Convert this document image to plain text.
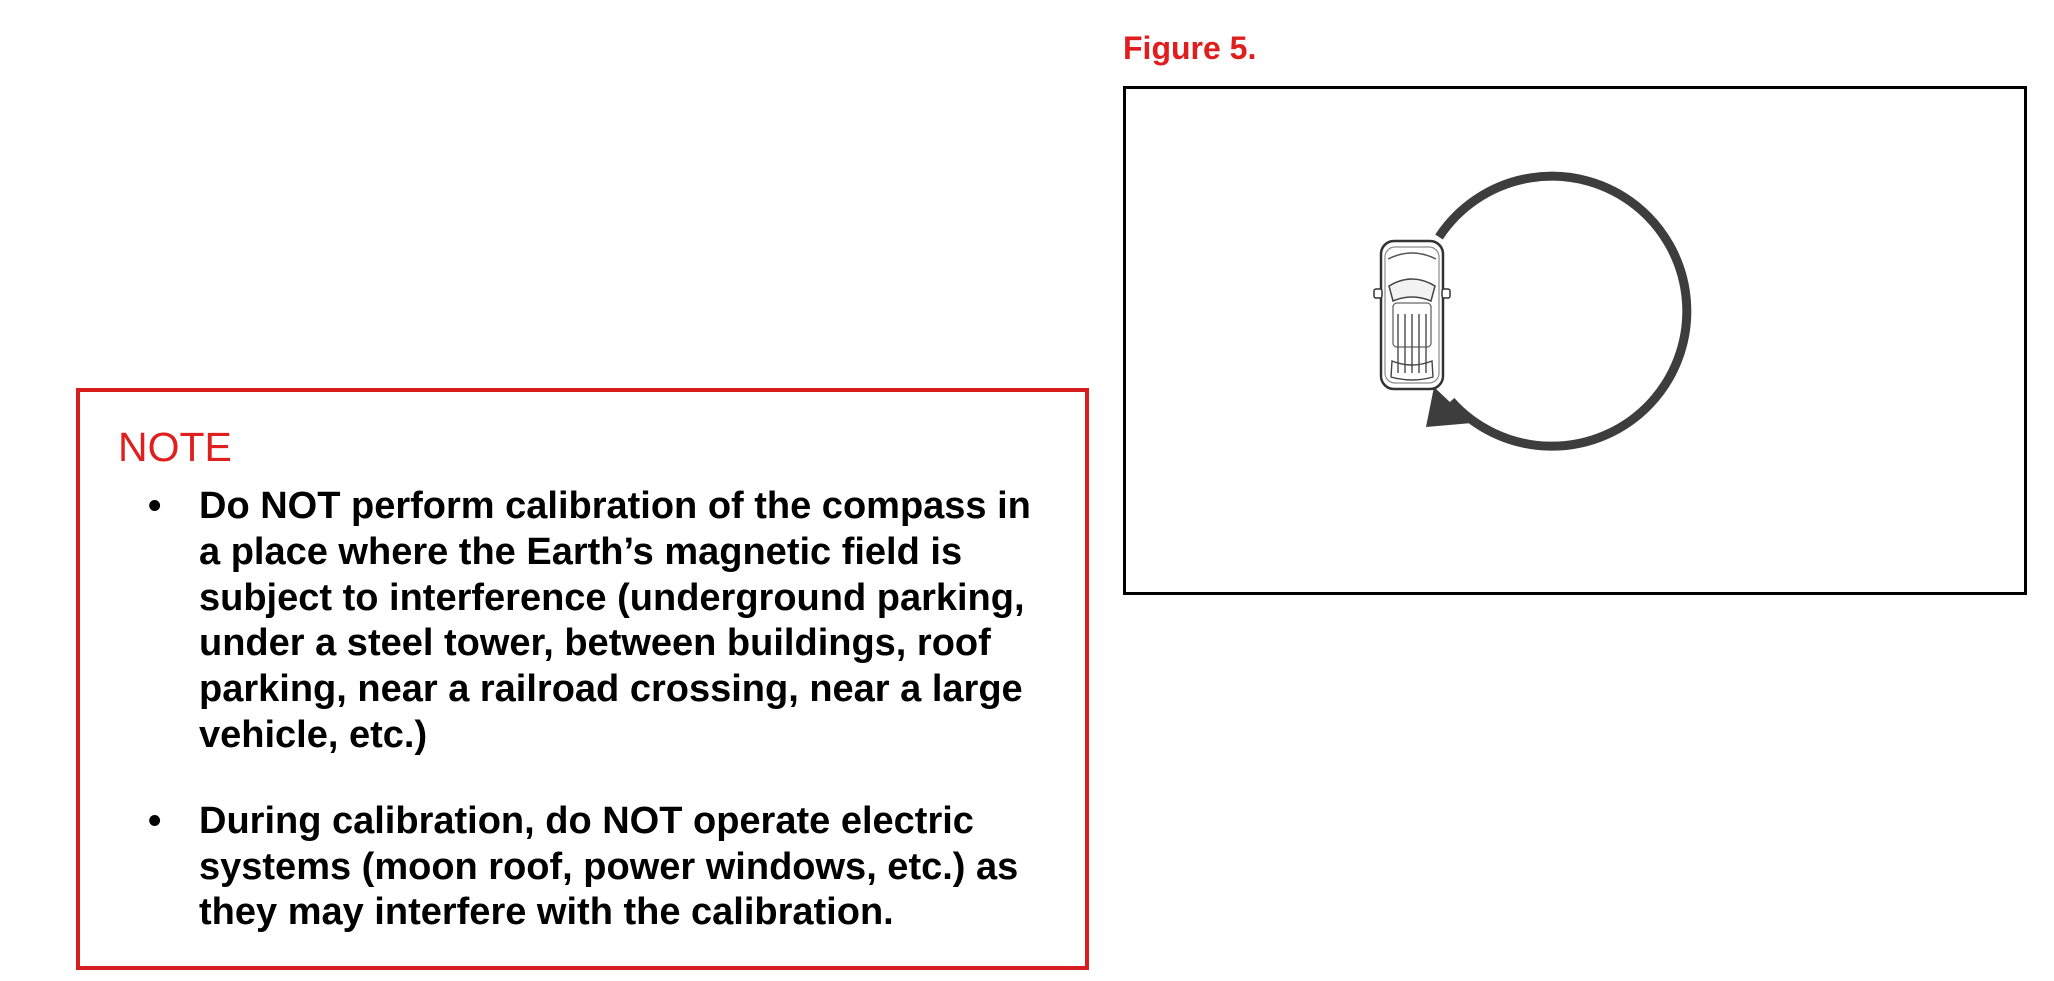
Figure 5.
NOTE
• Do NOT perform calibration of the compass in a place where the Earth’s magnetic field is subject to interference (underground parking, under a steel tower, between buildings, roof parking, near a railroad crossing, near a large vehicle, etc.)
• During calibration, do NOT operate electric systems (moon roof, power windows, etc.) as they may interfere with the calibration.
